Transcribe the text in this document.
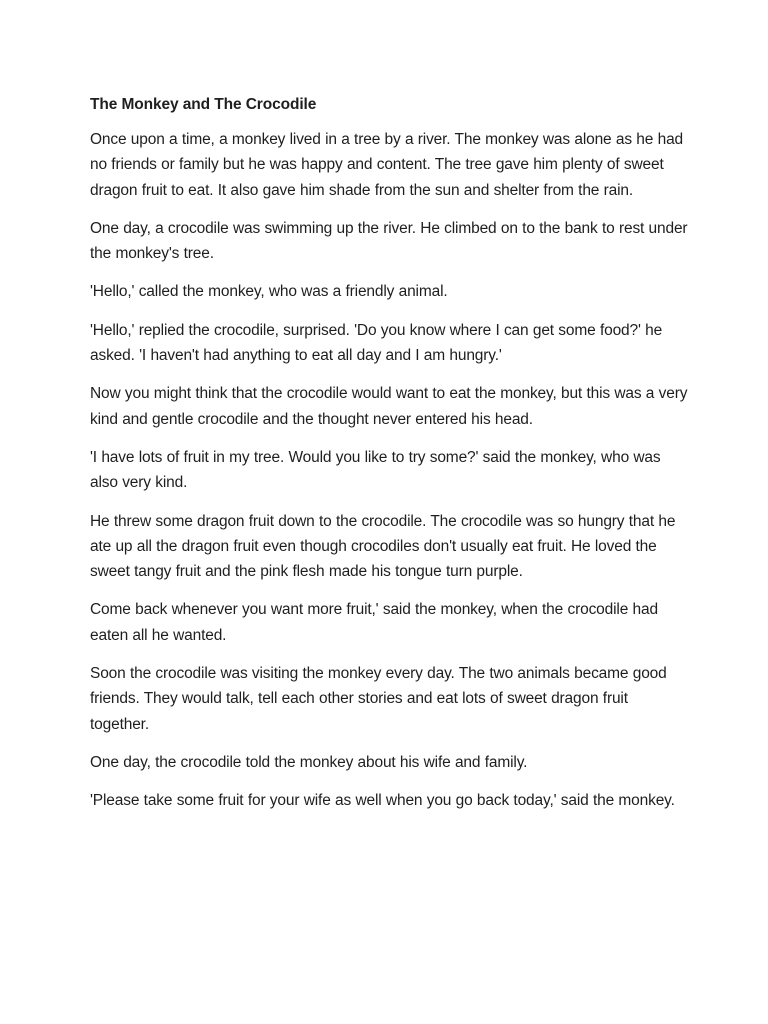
The Monkey and The Crocodile

Once upon a time, a monkey lived in a tree by a river. The monkey was alone as he had no friends or family but he was happy and content. The tree gave him plenty of sweet dragon fruit to eat. It also gave him shade from the sun and shelter from the rain.

One day, a crocodile was swimming up the river. He climbed on to the bank to rest under the monkey's tree.

'Hello,' called the monkey, who was a friendly animal.

'Hello,' replied the crocodile, surprised. 'Do you know where I can get some food?' he asked. 'I haven't had anything to eat all day and I am hungry.'

Now you might think that the crocodile would want to eat the monkey, but this was a very kind and gentle crocodile and the thought never entered his head.

'I have lots of fruit in my tree. Would you like to try some?' said the monkey, who was also very kind.

He threw some dragon fruit down to the crocodile. The crocodile was so hungry that he ate up all the dragon fruit even though crocodiles don't usually eat fruit. He loved the sweet tangy fruit and the pink flesh made his tongue turn purple.

Come back whenever you want more fruit,' said the monkey, when the crocodile had eaten all he wanted.

Soon the crocodile was visiting the monkey every day. The two animals became good friends. They would talk, tell each other stories and eat lots of sweet dragon fruit together.

One day, the crocodile told the monkey about his wife and family.

'Please take some fruit for your wife as well when you go back today,' said the monkey.
